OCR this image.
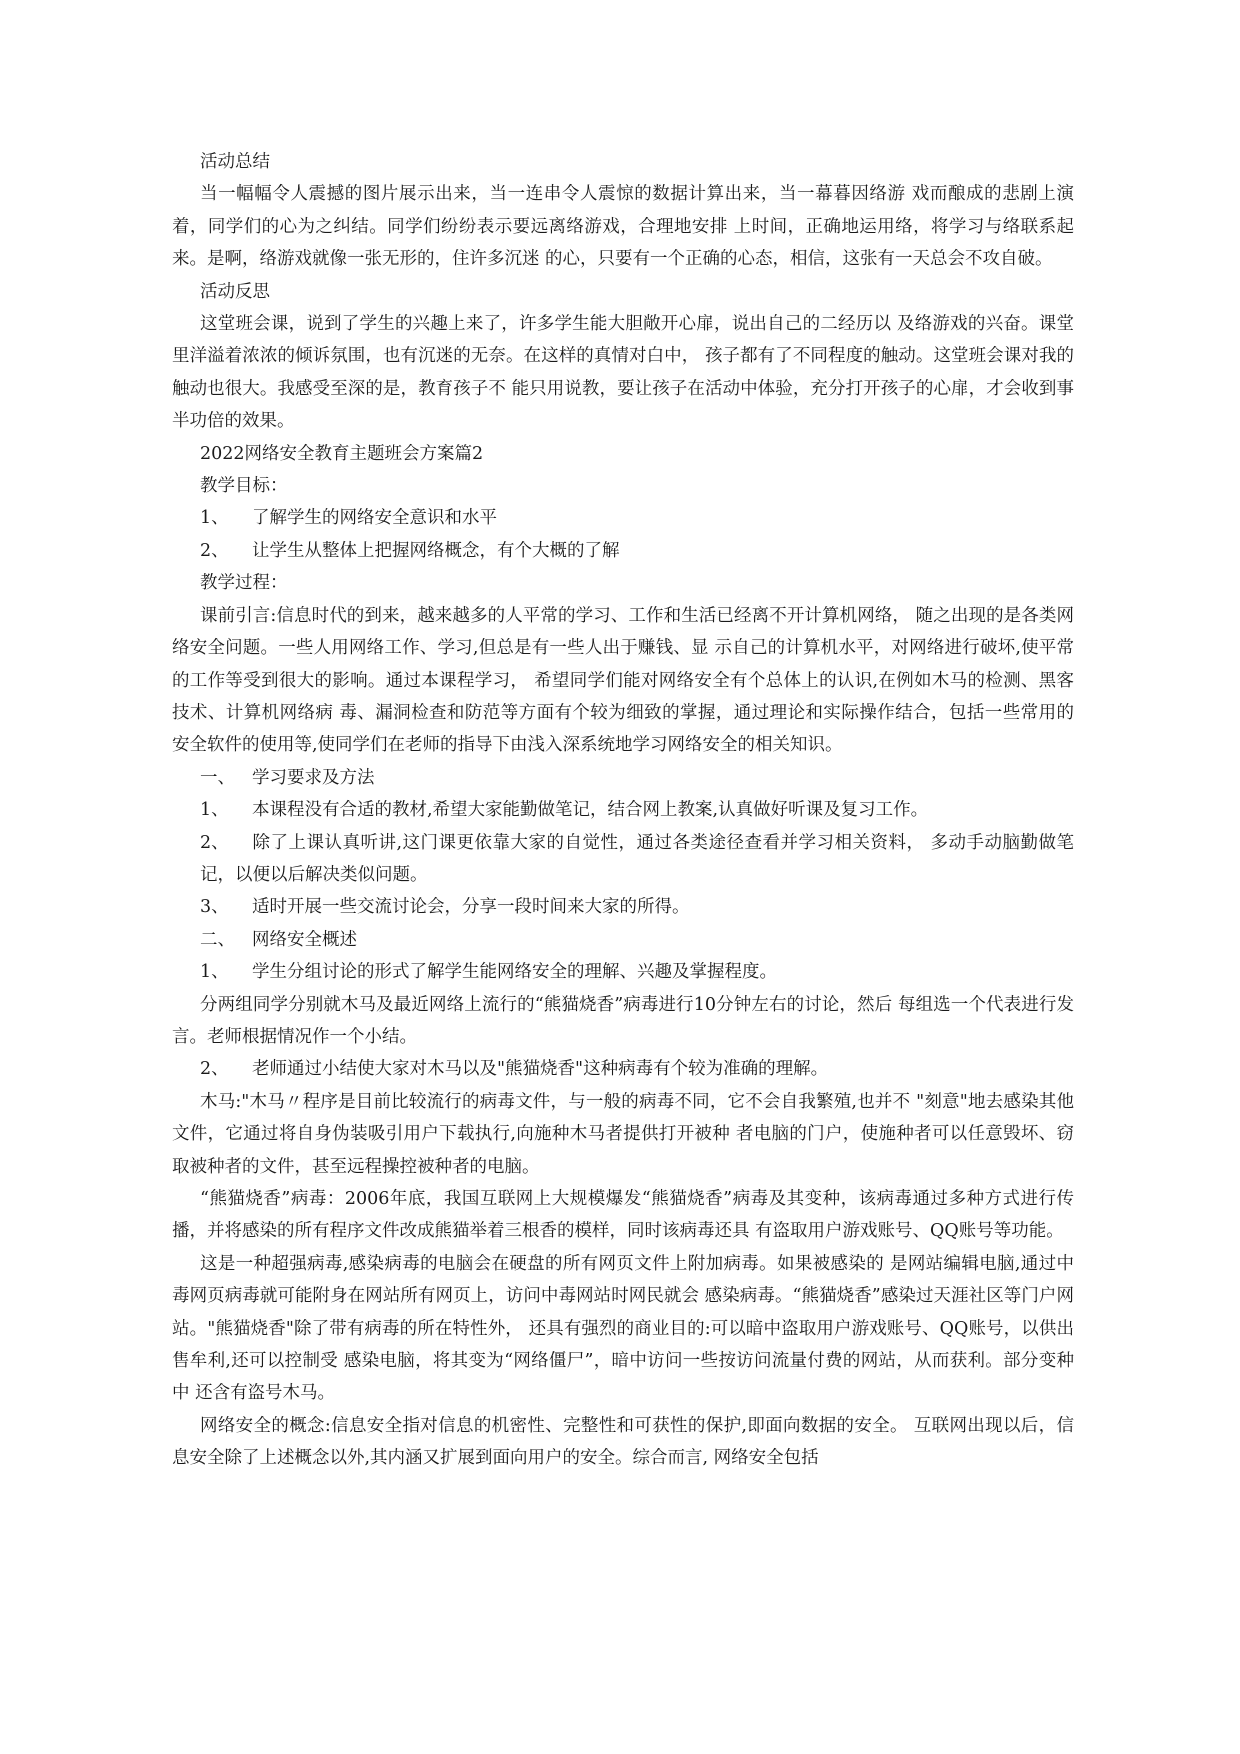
活动总结

当一幅幅令人震撼的图片展示出来，当一连串令人震惊的数据计算出来，当一幕暮因络游 戏而酿成的悲剧上演着，同学们的心为之纠结。同学们纷纷表示要远离络游戏，合理地安排 上时间，正确地运用络，将学习与络联系起来。是啊，络游戏就像一张无形的，住许多沉迷 的心，只要有一个正确的心态，相信，这张有一天总会不攻自破。

活动反思

这堂班会课，说到了学生的兴趣上来了，许多学生能大胆敞开心扉，说出自己的二经历以 及络游戏的兴奋。课堂里洋溢着浓浓的倾诉氛围，也有沉迷的无奈。在这样的真情对白中， 孩子都有了不同程度的触动。这堂班会课对我的触动也很大。我感受至深的是，教育孩子不 能只用说教，要让孩子在活动中体验，充分打开孩子的心扉，才会收到事半功倍的效果。

2022网络安全教育主题班会方案篇2

教学目标：

1、 了解学生的网络安全意识和水平

2、 让学生从整体上把握网络概念，有个大概的了解

教学过程：

课前引言:信息时代的到来，越来越多的人平常的学习、工作和生活已经离不开计算机网络， 随之出现的是各类网络安全问题。一些人用网络工作、学习,但总是有一些人出于赚钱、显 示自己的计算机水平，对网络进行破坏,使平常的工作等受到很大的影响。通过本课程学习， 希望同学们能对网络安全有个总体上的认识,在例如木马的检测、黑客技术、计算机网络病 毒、漏洞检查和防范等方面有个较为细致的掌握，通过理论和实际操作结合，包括一些常用的 安全软件的使用等,使同学们在老师的指导下由浅入深系统地学习网络安全的相关知识。

一、 学习要求及方法

1、 本课程没有合适的教材,希望大家能勤做笔记，结合网上教案,认真做好听课及复习工作。

2、 除了上课认真听讲,这门课更依靠大家的自觉性，通过各类途径查看并学习相关资料， 多动手动脑勤做笔记，以便以后解决类似问题。

3、 适时开展一些交流讨论会，分享一段时间来大家的所得。

二、 网络安全概述

1、 学生分组讨论的形式了解学生能网络安全的理解、兴趣及掌握程度。

分两组同学分别就木马及最近网络上流行的“熊猫烧香”病毒进行10分钟左右的讨论，然后 每组选一个代表进行发言。老师根据情况作一个小结。

2、 老师通过小结使大家对木马以及"熊猫烧香"这种病毒有个较为准确的理解。

木马:"木马〃程序是目前比较流行的病毒文件，与一般的病毒不同，它不会自我繁殖,也并不 "刻意"地去感染其他文件，它通过将自身伪装吸引用户下载执行,向施种木马者提供打开被种 者电脑的门户，使施种者可以任意毁坏、窃取被种者的文件，甚至远程操控被种者的电脑。

“熊猫烧香”病毒：2006年底，我国互联网上大规模爆发“熊猫烧香”病毒及其变种，该病毒通过多种方式进行传播，并将感染的所有程序文件改成熊猫举着三根香的模样，同时该病毒还具 有盗取用户游戏账号、QQ账号等功能。

这是一种超强病毒,感染病毒的电脑会在硬盘的所有网页文件上附加病毒。如果被感染的 是网站编辑电脑,通过中毒网页病毒就可能附身在网站所有网页上，访问中毒网站时网民就会 感染病毒。“熊猫烧香”感染过天涯社区等门户网站。"熊猫烧香"除了带有病毒的所在特性外， 还具有强烈的商业目的:可以暗中盗取用户游戏账号、QQ账号，以供出售牟利,还可以控制受 感染电脑，将其变为“网络僵尸”，暗中访问一些按访问流量付费的网站，从而获利。部分变种中 还含有盗号木马。

网络安全的概念:信息安全指对信息的机密性、完整性和可获性的保护,即面向数据的安全。 互联网出现以后，信息安全除了上述概念以外,其内涵又扩展到面向用户的安全。综合而言, 网络安全包括
